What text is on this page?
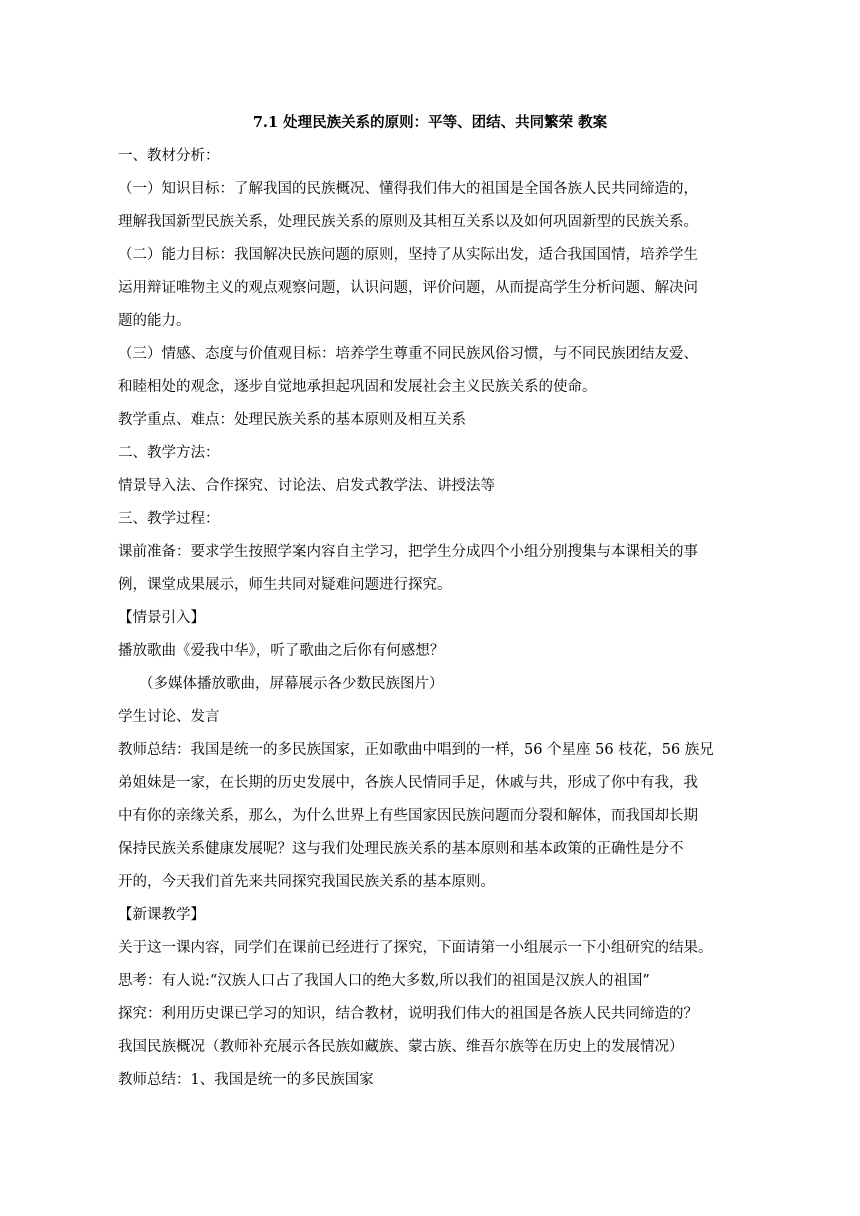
7.1 处理民族关系的原则：平等、团结、共同繁荣 教案
一、教材分析：
（一）知识目标：了解我国的民族概况、懂得我们伟大的祖国是全国各族人民共同缔造的，
理解我国新型民族关系，处理民族关系的原则及其相互关系以及如何巩固新型的民族关系。
（二）能力目标：我国解决民族问题的原则，坚持了从实际出发，适合我国国情，培养学生
运用辩证唯物主义的观点观察问题，认识问题，评价问题，从而提高学生分析问题、解决问
题的能力。
（三）情感、态度与价值观目标：培养学生尊重不同民族风俗习惯，与不同民族团结友爱、
和睦相处的观念，逐步自觉地承担起巩固和发展社会主义民族关系的使命。
教学重点、难点：处理民族关系的基本原则及相互关系
二、教学方法：
情景导入法、合作探究、讨论法、启发式教学法、讲授法等
三、教学过程：
课前准备：要求学生按照学案内容自主学习，把学生分成四个小组分别搜集与本课相关的事
例，课堂成果展示，师生共同对疑难问题进行探究。
【情景引入】
播放歌曲《爱我中华》，听了歌曲之后你有何感想？
（多媒体播放歌曲，屏幕展示各少数民族图片）
学生讨论、发言
教师总结：我国是统一的多民族国家，正如歌曲中唱到的一样，56 个星座 56 枝花，56 族兄
弟姐妹是一家，在长期的历史发展中，各族人民情同手足，休戚与共，形成了你中有我，我
中有你的亲缘关系，那么，为什么世界上有些国家因民族问题而分裂和解体，而我国却长期
保持民族关系健康发展呢？这与我们处理民族关系的基本原则和基本政策的正确性是分不
开的，今天我们首先来共同探究我国民族关系的基本原则。
【新课教学】
关于这一课内容，同学们在课前已经进行了探究，下面请第一小组展示一下小组研究的结果。
思考：有人说:“汉族人口占了我国人口的绝大多数,所以我们的祖国是汉族人的祖国”
探究：利用历史课已学习的知识，结合教材，说明我们伟大的祖国是各族人民共同缔造的？
我国民族概况（教师补充展示各民族如藏族、蒙古族、维吾尔族等在历史上的发展情况）
教师总结：1、我国是统一的多民族国家
